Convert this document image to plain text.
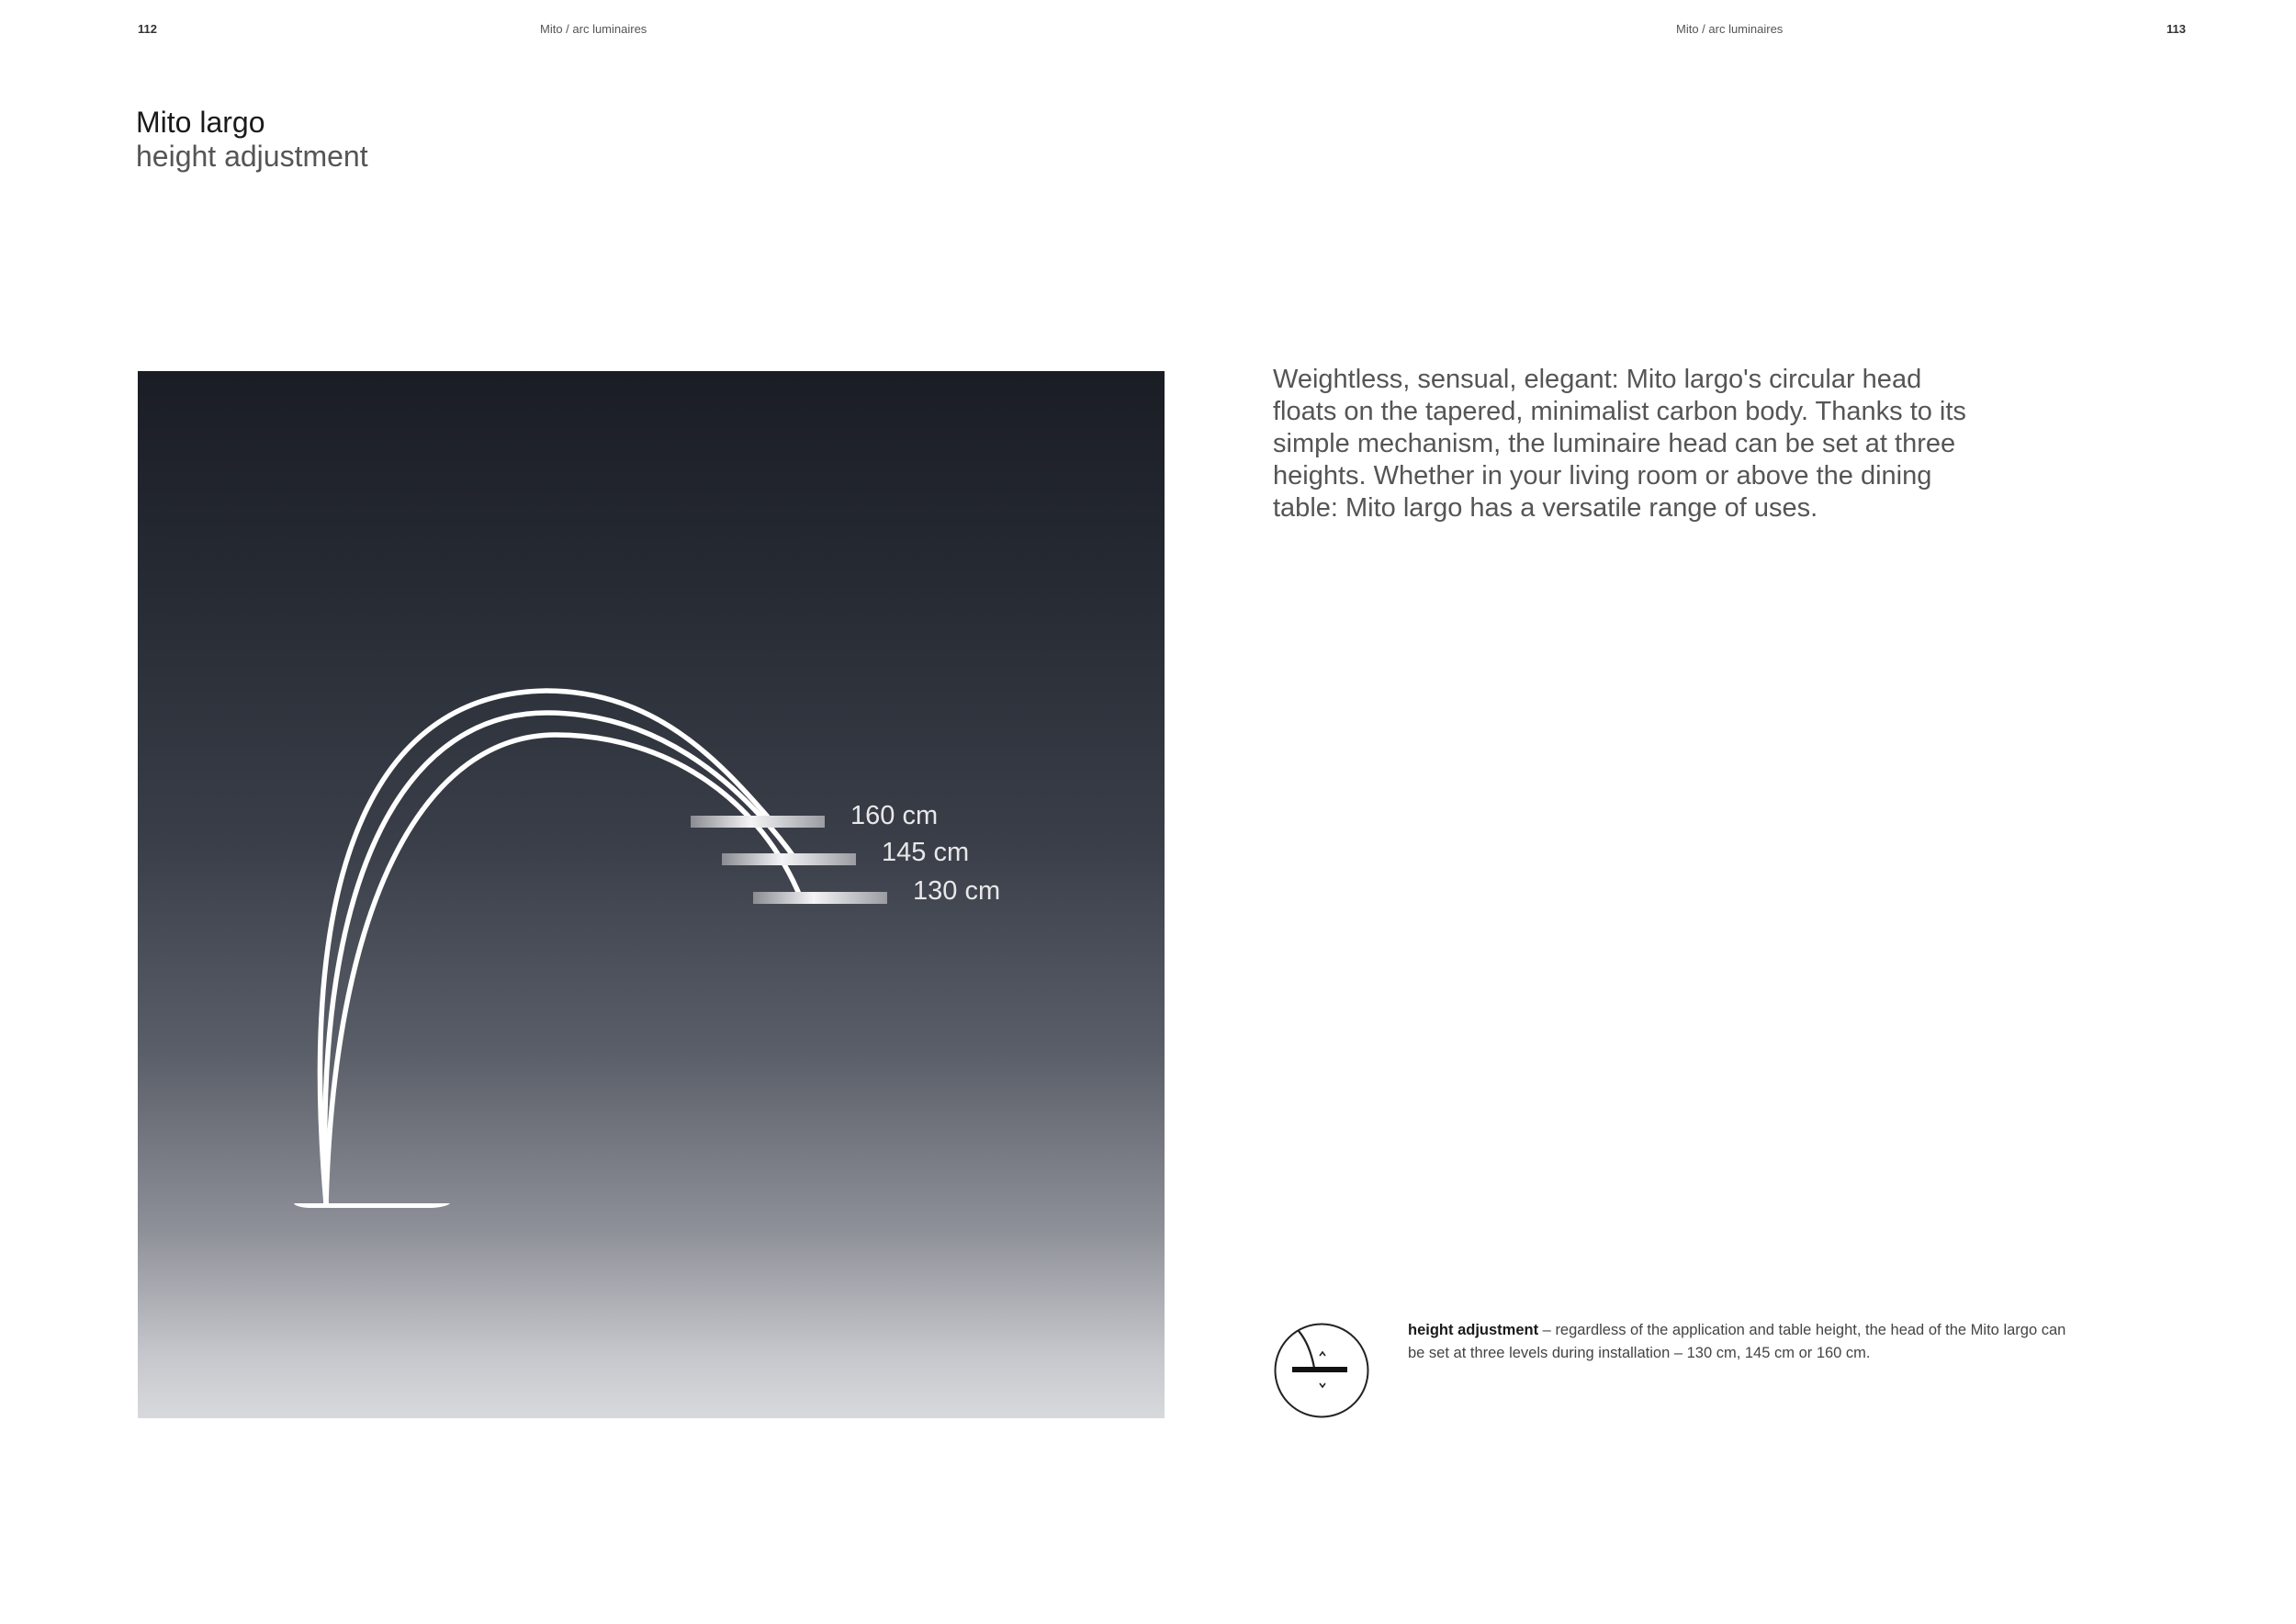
112	Mito / arc luminaires	Mito / arc luminaires	113
Mito largo
height adjustment
160 cm
145 cm
130 cm

Weightless, sensual, elegant: Mito largo's circular head floats on the tapered, minimalist carbon body. Thanks to its simple mechanism, the luminaire head can be set at three heights. Whether in your living room or above the dining table: Mito largo has a versatile range of uses.

height adjustment – regardless of the application and table height, the head of the Mito largo can be set at three levels during installation – 130 cm, 145 cm or 160 cm.
